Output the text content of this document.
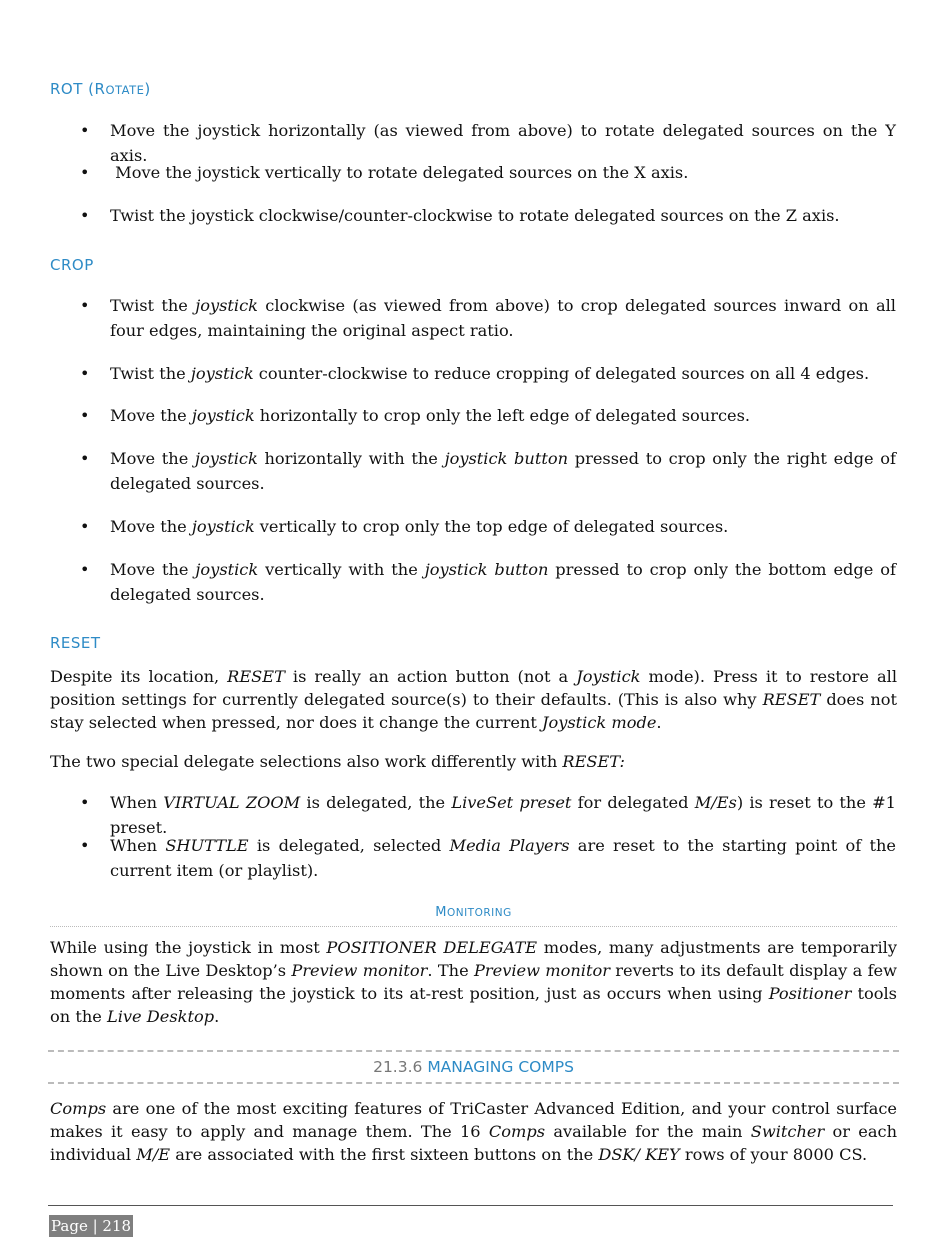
ROT (ROTATE)
• Move the joystick horizontally (as viewed from above) to rotate delegated sources on the Y axis.
• Move the joystick vertically to rotate delegated sources on the X axis.
• Twist the joystick clockwise/counter-clockwise to rotate delegated sources on the Z axis.
CROP
• Twist the joystick clockwise (as viewed from above) to crop delegated sources inward on all four edges, maintaining the original aspect ratio.
• Twist the joystick counter-clockwise to reduce cropping of delegated sources on all 4 edges.
• Move the joystick horizontally to crop only the left edge of delegated sources.
• Move the joystick horizontally with the joystick button pressed to crop only the right edge of delegated sources.
• Move the joystick vertically to crop only the top edge of delegated sources.
• Move the joystick vertically with the joystick button pressed to crop only the bottom edge of delegated sources.
RESET
Despite its location, RESET is really an action button (not a Joystick mode). Press it to restore all position settings for currently delegated source(s) to their defaults. (This is also why RESET does not stay selected when pressed, nor does it change the current Joystick mode.
The two special delegate selections also work differently with RESET:
• When VIRTUAL ZOOM is delegated, the LiveSet preset for delegated M/Es) is reset to the #1 preset.
• When SHUTTLE is delegated, selected Media Players are reset to the starting point of the current item (or playlist).
MONITORING
While using the joystick in most POSITIONER DELEGATE modes, many adjustments are temporarily shown on the Live Desktop’s Preview monitor. The Preview monitor reverts to its default display a few moments after releasing the joystick to its at-rest position, just as occurs when using Positioner tools on the Live Desktop.
21.3.6 MANAGING COMPS
Comps are one of the most exciting features of TriCaster Advanced Edition, and your control surface makes it easy to apply and manage them. The 16 Comps available for the main Switcher or each individual M/E are associated with the first sixteen buttons on the DSK/ KEY rows of your 8000 CS.
Page | 218
